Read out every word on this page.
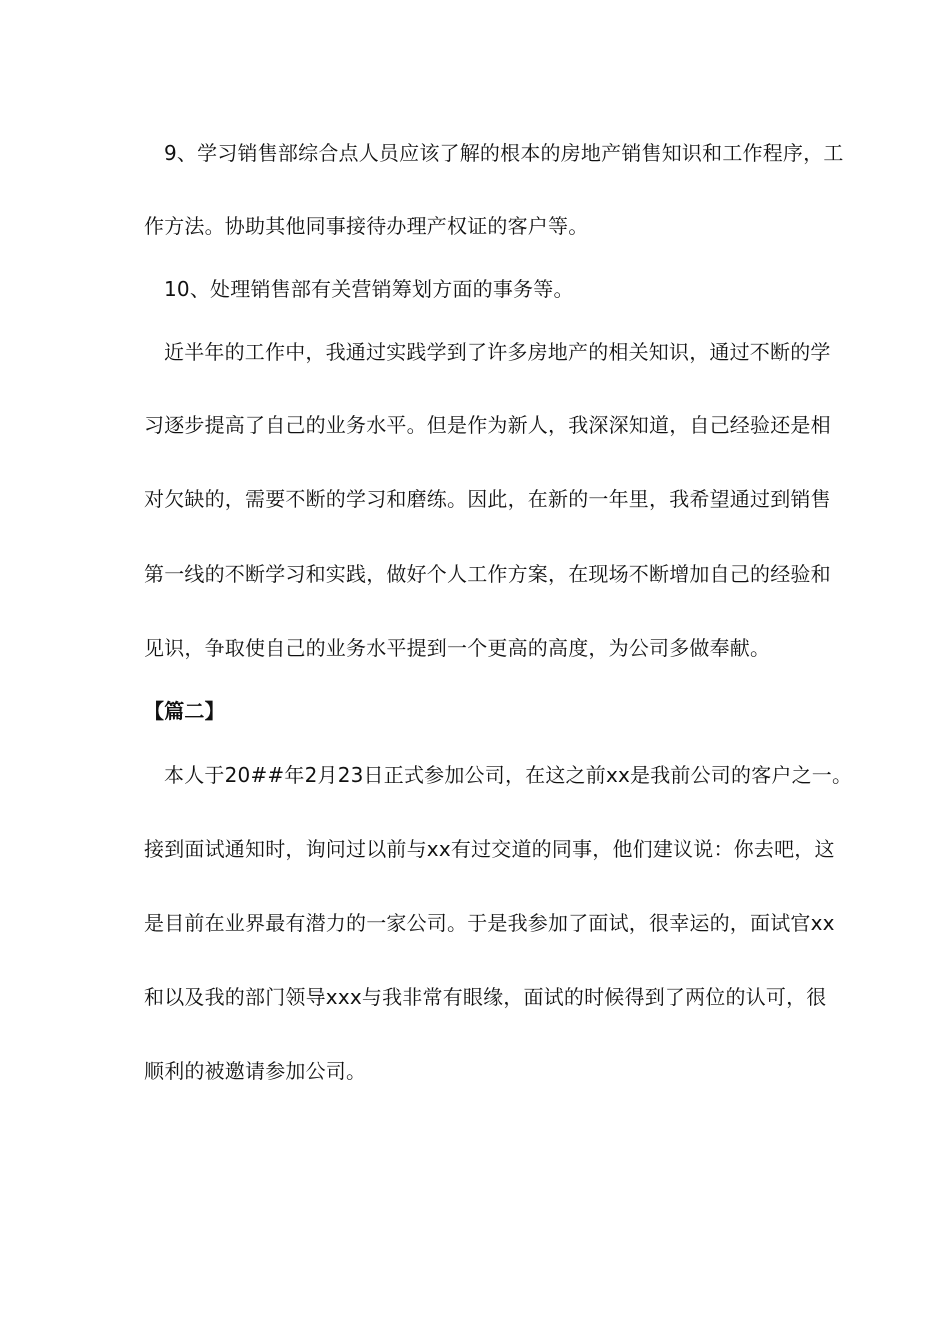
9、学习销售部综合点人员应该了解的根本的房地产销售知识和工作程序，工
作方法。协助其他同事接待办理产权证的客户等。
10、处理销售部有关营销筹划方面的事务等。
近半年的工作中，我通过实践学到了许多房地产的相关知识，通过不断的学
习逐步提高了自己的业务水平。但是作为新人，我深深知道，自己经验还是相
对欠缺的，需要不断的学习和磨练。因此，在新的一年里，我希望通过到销售
第一线的不断学习和实践，做好个人工作方案，在现场不断增加自己的经验和
见识，争取使自己的业务水平提到一个更高的高度，为公司多做奉献。
【篇二】
本人于20##年2月23日正式参加公司，在这之前xx是我前公司的客户之一。
接到面试通知时，询问过以前与xx有过交道的同事，他们建议说：你去吧，这
是目前在业界最有潜力的一家公司。于是我参加了面试，很幸运的，面试官xx
和以及我的部门领导xxx与我非常有眼缘，面试的时候得到了两位的认可，很
顺利的被邀请参加公司。
